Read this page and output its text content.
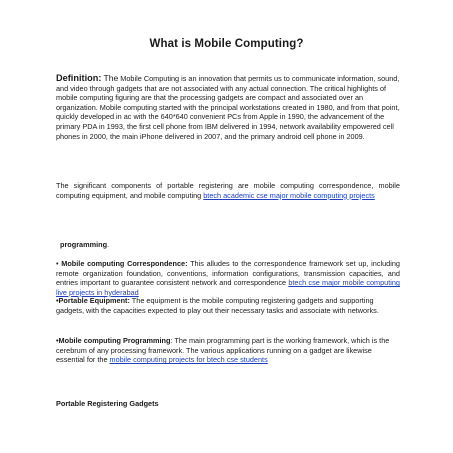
What is Mobile Computing?
Definition: The Mobile Computing is an innovation that permits us to communicate information, sound, and video through gadgets that are not associated with any actual connection. The critical highlights of mobile computing figuring are that the processing gadgets are compact and associated over an organization. Mobile computing started with the principal workstations created in 1980, and from that point, quickly developed in ac with the 640*640 convenient PCs from Apple in 1990, the advancement of the primary PDA in 1993, the first cell phone from IBM delivered in 1994, network availability empowered cell phones in 2000, the main iPhone delivered in 2007, and the primary android cell phone in 2009.
The significant components of portable registering are mobile computing correspondence, mobile computing equipment, and mobile computing btech academic cse major mobile computing projects
programming.
• Mobile computing Correspondence: This alludes to the correspondence framework set up, including remote organization foundation, conventions, information configurations, transmission capacities, and entries important to guarantee consistent network and correspondence btech cse major mobile computing live projects in hyderabad
•Portable Equipment: The equipment is the mobile computing registering gadgets and supporting gadgets, with the capacities expected to play out their necessary tasks and associate with networks.
•Mobile computing Programming: The main programming part is the working framework, which is the cerebrum of any processing framework. The various applications running on a gadget are likewise essential for the mobile computing projects for btech cse students
Portable Registering Gadgets
